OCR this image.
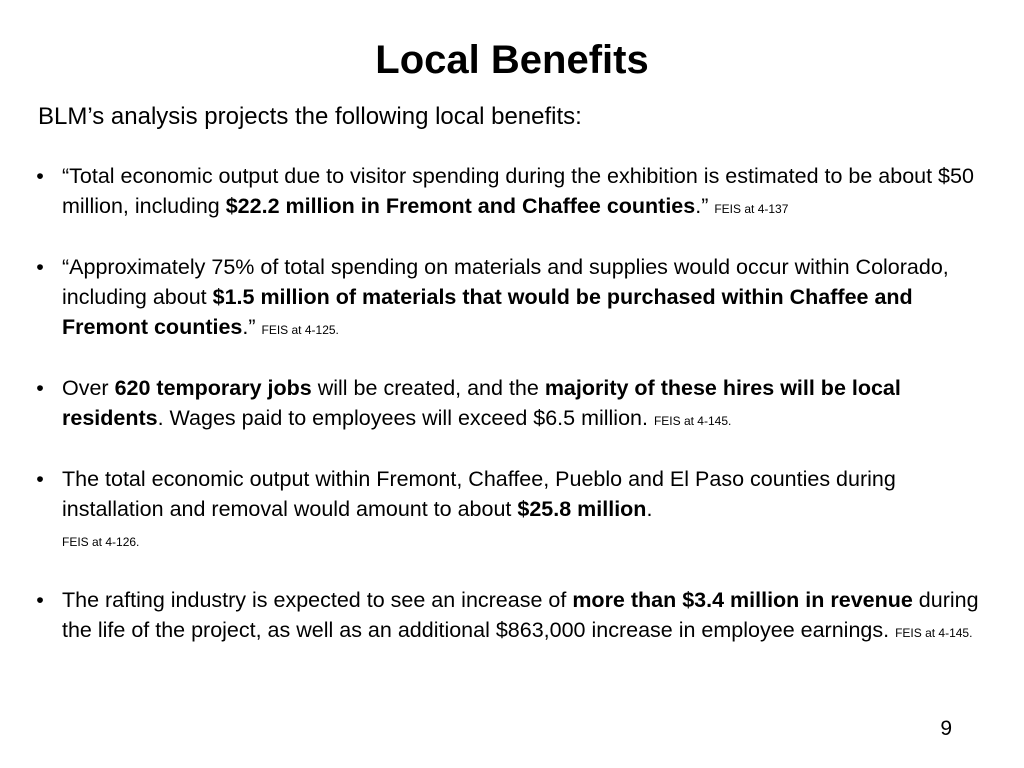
Local Benefits

BLM’s analysis projects the following local benefits:

• “Total economic output due to visitor spending during the exhibition is estimated to be about $50 million, including $22.2 million in Fremont and Chaffee counties.” FEIS at 4-137
• “Approximately 75% of total spending on materials and supplies would occur within Colorado, including about $1.5 million of materials that would be purchased within Chaffee and Fremont counties.” FEIS at 4-125.
• Over 620 temporary jobs will be created, and the majority of these hires will be local residents. Wages paid to employees will exceed $6.5 million. FEIS at 4-145.
• The total economic output within Fremont, Chaffee, Pueblo and El Paso counties during installation and removal would amount to about $25.8 million.
FEIS at 4-126.
• The rafting industry is expected to see an increase of more than $3.4 million in revenue during the life of the project, as well as an additional $863,000 increase in employee earnings. FEIS at 4-145.
9
